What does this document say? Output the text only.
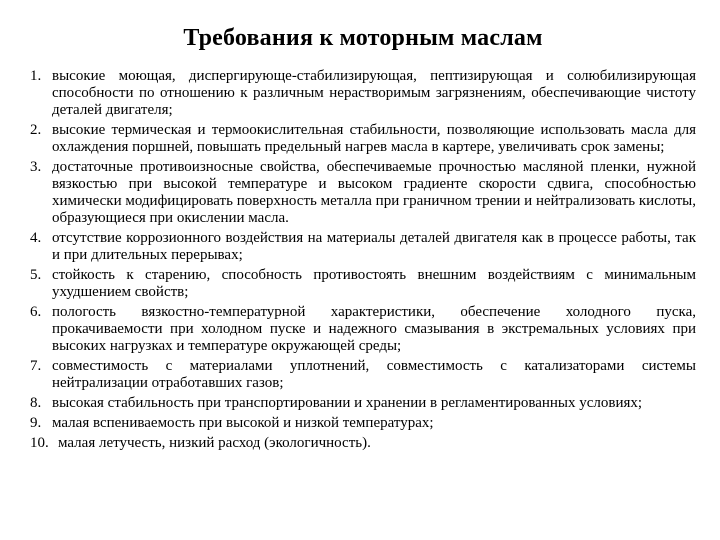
Требования к моторным маслам
1. высокие моющая, диспергирующе-стабилизирующая, пептизирующая и солюбилизирующая способности по отношению к различным нерастворимым загрязнениям, обеспечивающие чистоту деталей двигателя;
2. высокие термическая и термоокислительная стабильности, позволяющие использовать масла для охлаждения поршней, повышать предельный нагрев масла в картере, увеличивать срок замены;
3. достаточные противоизносные свойства, обеспечиваемые прочностью масляной пленки, нужной вязкостью при высокой температуре и высоком градиенте скорости сдвига, способностью химически модифицировать поверхность металла при граничном трении и нейтрализовать кислоты, образующиеся при окислении масла.
4. отсутствие коррозионного воздействия на материалы деталей двигателя как в процессе работы, так и при длительных перерывах;
5. стойкость к старению, способность противостоять внешним воздействиям с минимальным ухудшением свойств;
6. пологость вязкостно-температурной характеристики, обеспечение холодного пуска, прокачиваемости при холодном пуске и надежного смазывания в экстремальных условиях при высоких нагрузках и температуре окружающей среды;
7. совместимость с материалами уплотнений, совместимость с катализаторами системы нейтрализации отработавших газов;
8. высокая стабильность при транспортировании и хранении в регламентированных условиях;
9. малая вспениваемость при высокой и низкой температурах;
10. малая летучесть, низкий расход (экологичность).
